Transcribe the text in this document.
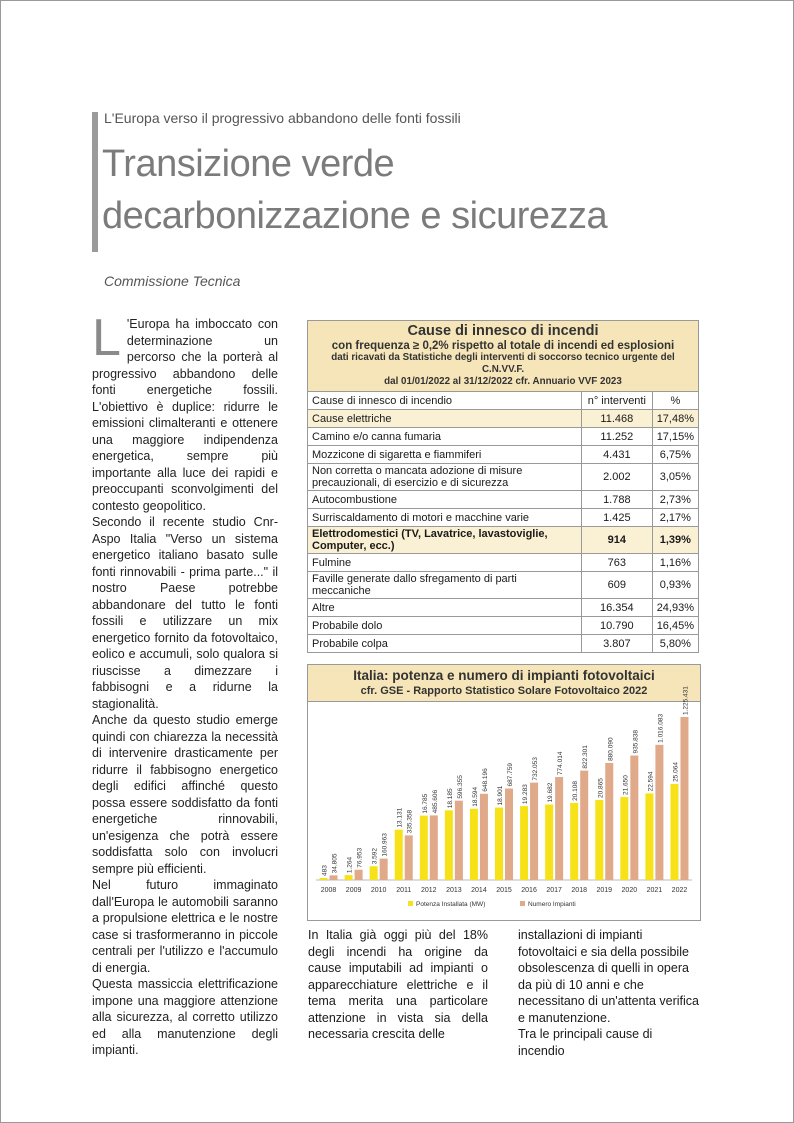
L'Europa verso il progressivo abbandono delle fonti fossili
Transizione verde
decarbonizzazione e sicurezza
Commissione Tecnica

L 'Europa ha imboccato con determinazione un percorso che la porterà al progressivo abbandono delle fonti energetiche fossili. L'obiettivo è duplice: ridurre le emissioni climalteranti e ottenere una maggiore indipendenza energetica, sempre più importante alla luce dei rapidi e preoccupanti sconvolgimenti del contesto geopolitico.

Secondo il recente studio Cnr-Aspo Italia "Verso un sistema energetico italiano basato sulle fonti rinnovabili - prima parte..." il nostro Paese potrebbe abbandonare del tutto le fonti fossili e utilizzare un mix energetico fornito da fotovoltaico, eolico e accumuli, solo qualora si riuscisse a dimezzare i fabbisogni e a ridurne la stagionalità.

Anche da questo studio emerge quindi con chiarezza la necessità di intervenire drasticamente per ridurre il fabbisogno energetico degli edifici affinché questo possa essere soddisfatto da fonti energetiche rinnovabili, un'esigenza che potrà essere soddisfatta solo con involucri sempre più efficienti.

Nel futuro immaginato dall'Europa le automobili saranno a propulsione elettrica e le nostre case si trasformeranno in piccole centrali per l'utilizzo e l'accumulo di energia.

Questa massiccia elettrificazione impone una maggiore attenzione alla sicurezza, al corretto utilizzo ed alla manutenzione degli impianti.

Cause di innesco di incendi
con frequenza ≥ 0,2% rispetto al totale di incendi ed esplosioni
dati ricavati da Statistiche degli interventi di soccorso tecnico urgente del C.N.VV.F.
dal 01/01/2022 al 31/12/2022 cfr. Annuario VVF 2023
Cause di innesco di incendio	n° interventi	%
Cause elettriche	11.468	17,48%
Camino e/o canna fumaria	11.252	17,15%
Mozzicone di sigaretta e fiammiferi	4.431	6,75%
Non corretta o mancata adozione di misure precauzionali, di esercizio e di sicurezza	2.002	3,05%
Autocombustione	1.788	2,73%
Surriscaldamento di motori e macchine varie	1.425	2,17%
Elettrodomestici (TV, Lavatrice, lavastoviglie, Computer, ecc.)	914	1,39%
Fulmine	763	1,16%
Faville generate dallo sfregamento di parti meccaniche	609	0,93%
Altre	16.354	24,93%
Probabile dolo	10.790	16,45%
Probabile colpa	3.807	5,80%
Italia: potenza e numero di impianti fotovoltaici
cfr. GSE - Rapporto Statistico Solare Fotovoltaico 2022
483 34.805
2008
1.264 76.953
2009
3.592 160.963
2010
13.131 335.358
2011
16.785 485.606
2012
18.185 596.355
2013
18.594
648.196
2014
18.901
687.759
2015
19.283
732.053
2016
19.682
774.014
2017
20.108
822.301
2018
20.865
880.090
2019
21.650
935.838
2020
22.594
1.016.083
2021
25.064
1.225.431
2022
Potenza Installata (MW)	Numero Impianti

In Italia già oggi più del 18% degli incendi ha origine da cause imputabili ad impianti o apparecchiature elettriche e il tema merita una particolare attenzione in vista sia della necessaria crescita delle

installazioni di impianti fotovoltaici e sia della possibile obsolescenza di quelli in opera da più di 10 anni e che necessitano di un'attenta verifica e manutenzione.

Tra le principali cause di incendio
